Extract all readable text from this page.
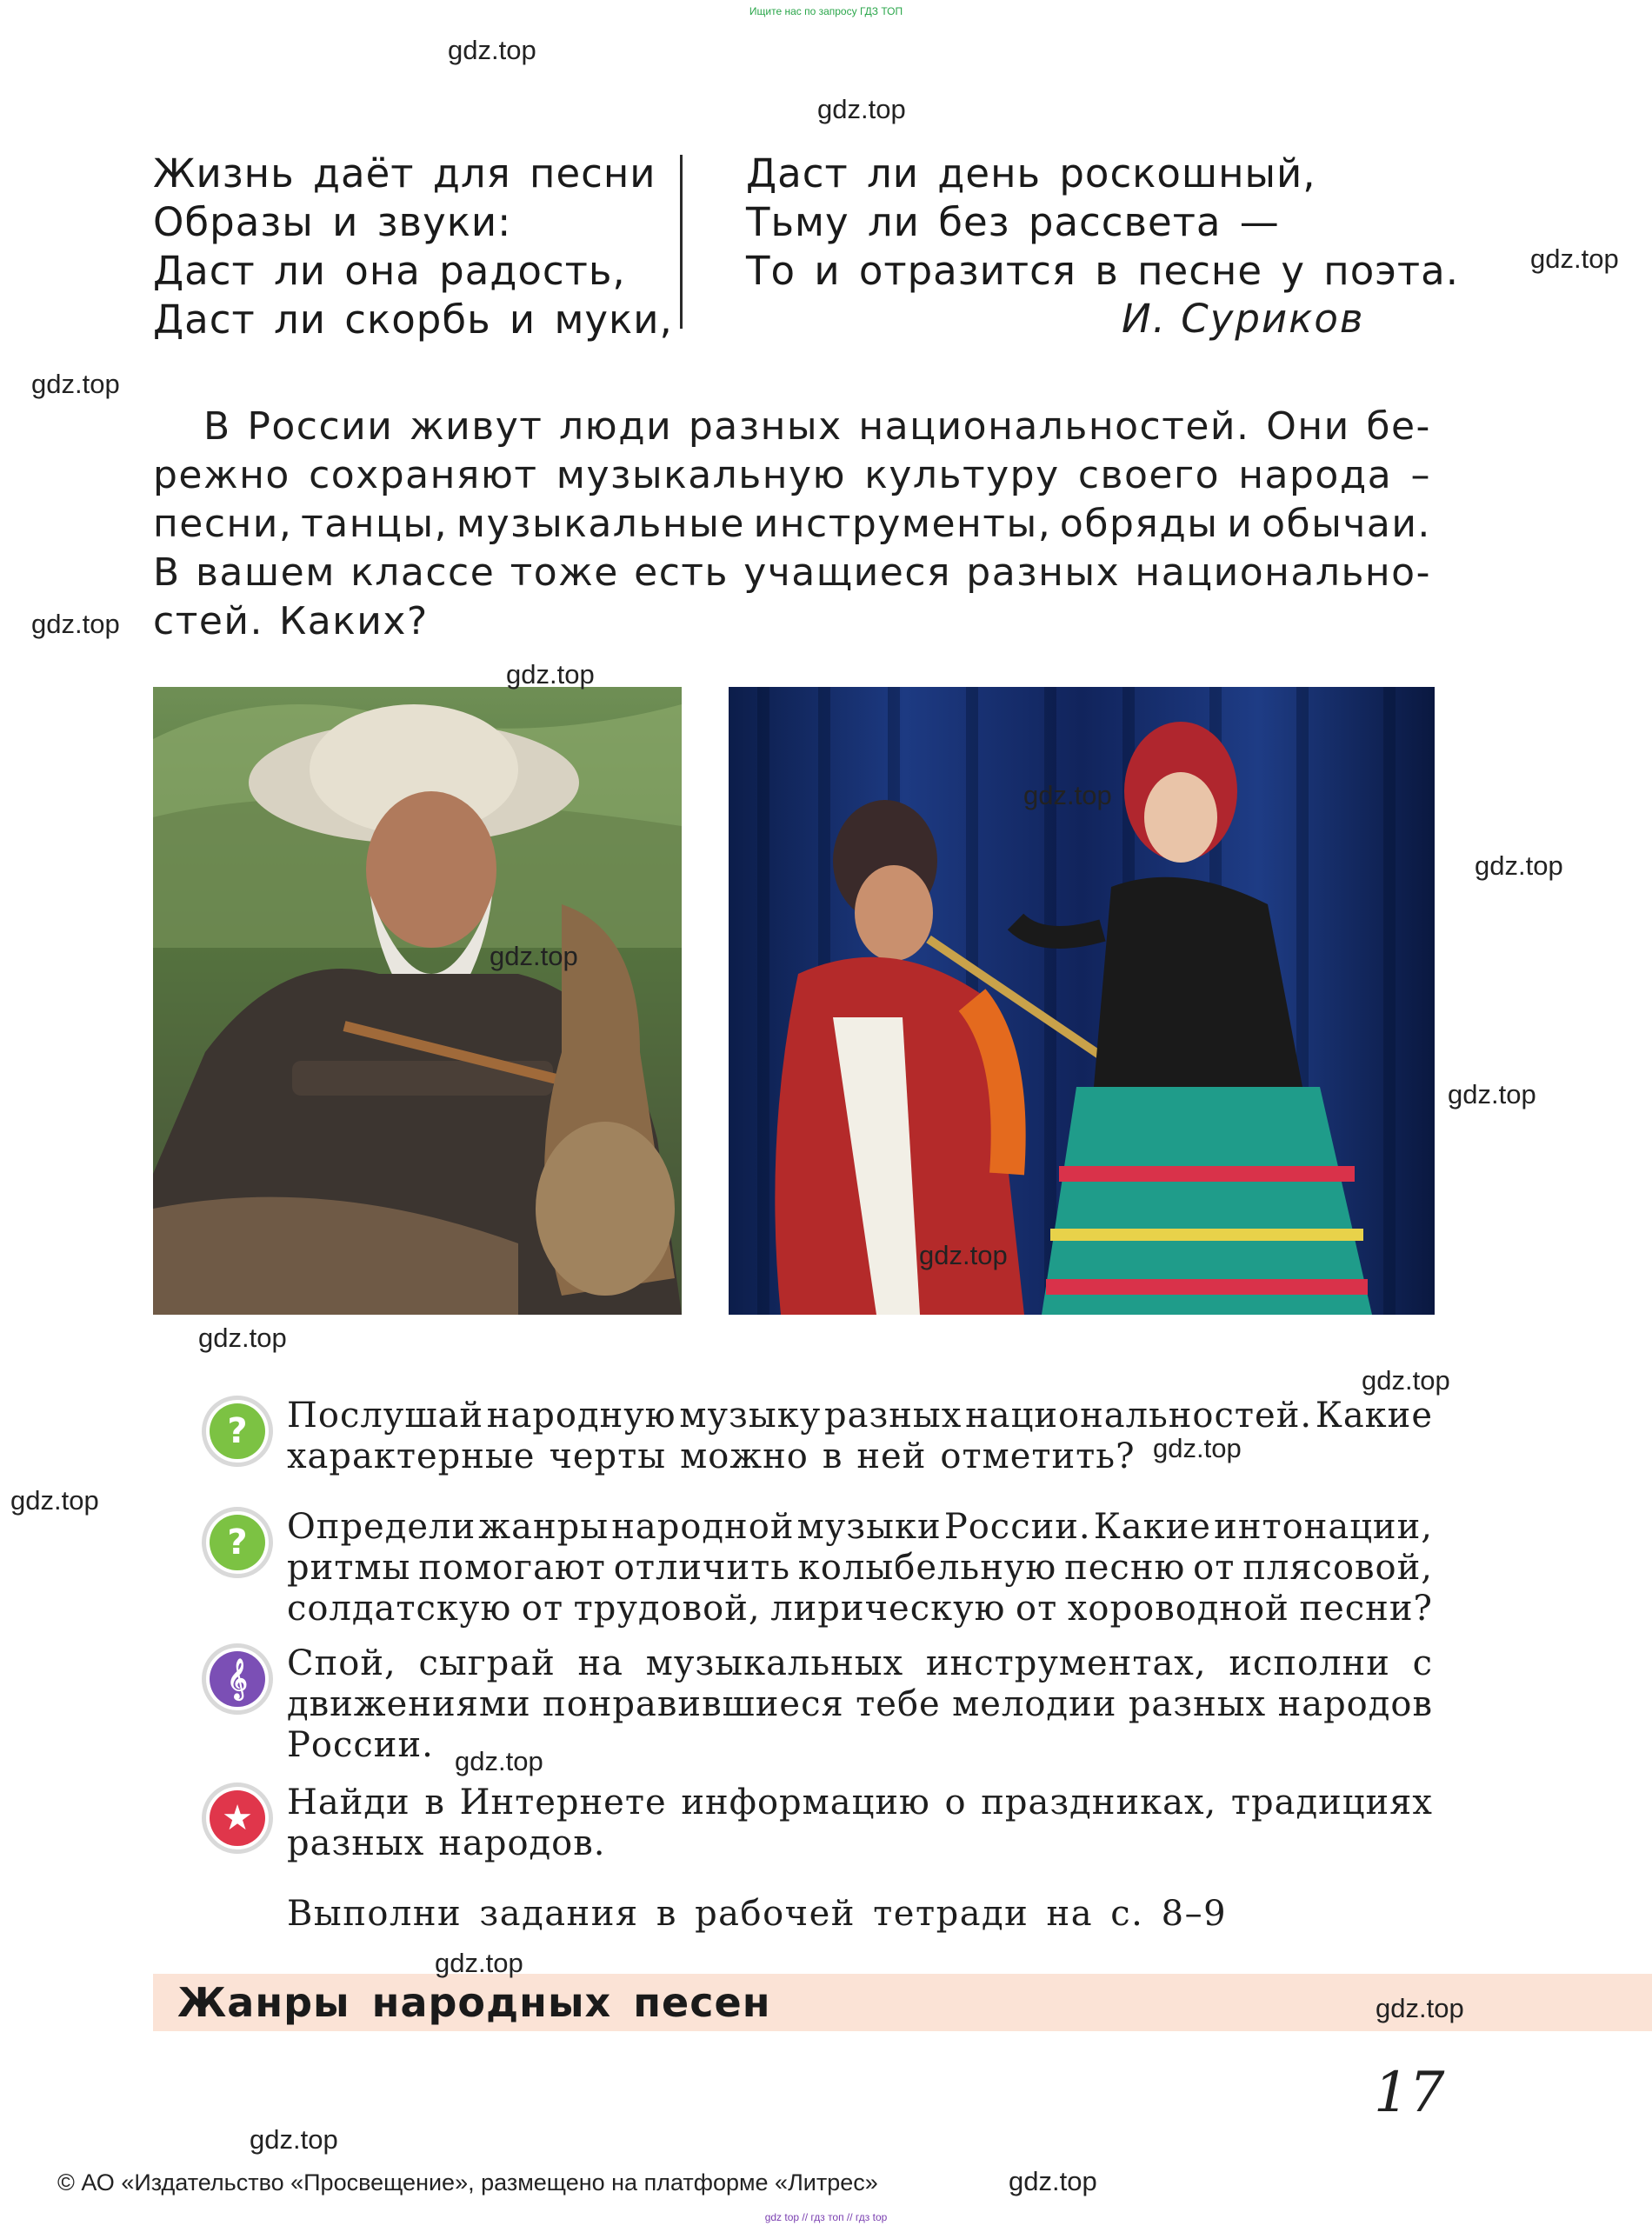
Ищите нас по запросу ГДЗ ТОП
Жизнь даёт для песни
Образы и звуки:
Даст ли она радость,
Даст ли скорбь и муки,
Даст ли день роскошный,
Тьму ли без рассвета —
То и отразится в песне у поэта.
И. Суриков
В России живут люди разных национальностей. Они бе-
режно сохраняют музыкальную культуру своего народа –
песни, танцы, музыкальные инструменты, обряды и обычаи.
В вашем классе тоже есть учащиеся разных национально-
стей. Каких?
?	Послушай народную музыку разных национальностей. Какие
характерные черты можно в ней отметить?
?	Определи жанры народной музыки России. Какие интонации,
ритмы помогают отличить колыбельную песню от плясовой,
солдатскую от трудовой, лирическую от хороводной песни?
𝄞	Спой, сыграй на музыкальных инструментах, исполни с
движениями понравившиеся тебе мелодии разных народов
России.
★ Найди в Интернете информацию о праздниках, традициях
разных народов.
Выполни задания в рабочей тетради на с. 8–9
Жанры народных песен
17
© АО «Издательство «Просвещение», размещено на платформе «Литрес»
gdz top // гдз топ // гдз top
gdz.top
gdz.top
gdz.top
gdz.top
gdz.top
gdz.top
gdz.top
gdz.top
gdz.top
gdz.top
gdz.top
gdz.top
gdz.top
gdz.top
gdz.top
gdz.top
gdz.top
gdz.top
gdz.top
gdz.top
